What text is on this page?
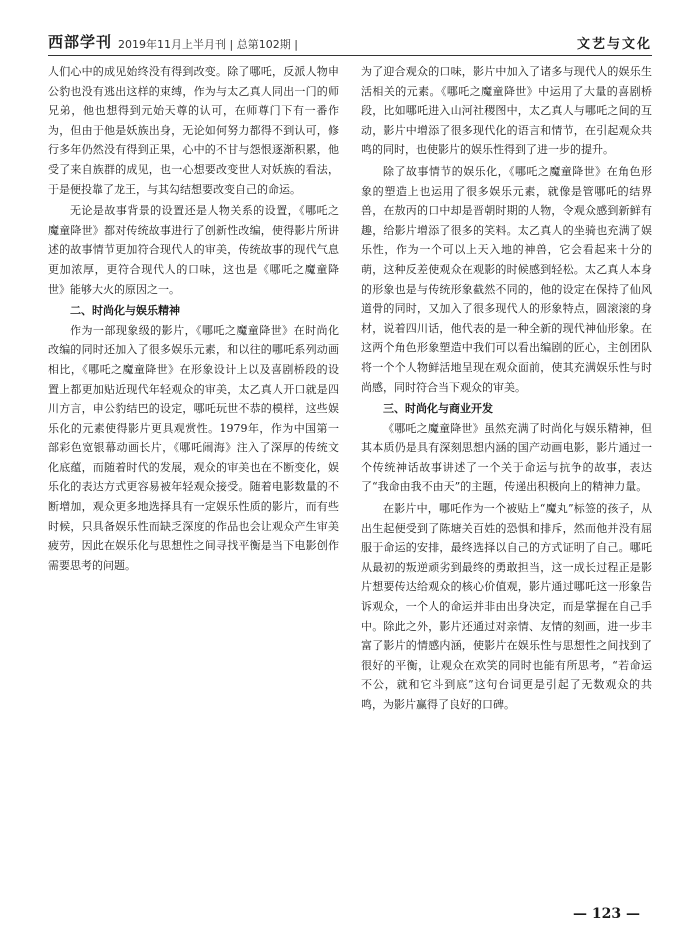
西部学刊 2019年11月上半月刊 | 总第102期 |	文艺与文化

人们心中的成见始终没有得到改变。除了哪吒，反派人物申公豹也没有逃出这样的束缚，作为与太乙真人同出一门的师兄弟，他也想得到元始天尊的认可，在师尊门下有一番作为，但由于他是妖族出身，无论如何努力都得不到认可，修行多年仍然没有得到正果，心中的不甘与怨恨逐渐积累，他受了来自族群的成见，也一心想要改变世人对妖族的看法，于是便投靠了龙王，与其勾结想要改变自己的命运。

无论是故事背景的设置还是人物关系的设置，《哪吒之魔童降世》都对传统故事进行了创新性改编，使得影片所讲述的故事情节更加符合现代人的审美，传统故事的现代气息更加浓厚，更符合现代人的口味，这也是《哪吒之魔童降世》能够大火的原因之一。

二、时尚化与娱乐精神

作为一部现象级的影片，《哪吒之魔童降世》在时尚化改编的同时还加入了很多娱乐元素，和以往的哪吒系列动画相比，《哪吒之魔童降世》在形象设计上以及喜剧桥段的设置上都更加贴近现代年轻观众的审美，太乙真人开口就是四川方言，申公豹结巴的设定，哪吒玩世不恭的模样，这些娱乐化的元素使得影片更具观赏性。1979年，作为中国第一部彩色宽银幕动画长片，《哪吒闹海》注入了深厚的传统文化底蕴，而随着时代的发展，观众的审美也在不断变化，娱乐化的表达方式更容易被年轻观众接受。随着电影数量的不断增加，观众更多地选择具有一定娱乐性质的影片，而有些时候，只具备娱乐性而缺乏深度的作品也会让观众产生审美疲劳，因此在娱乐化与思想性之间寻找平衡是当下电影创作需要思考的问题。

为了迎合观众的口味，影片中加入了诸多与现代人的娱乐生活相关的元素。《哪吒之魔童降世》中运用了大量的喜剧桥段，比如哪吒进入山河社稷图中，太乙真人与哪吒之间的互动，影片中增添了很多现代化的语言和情节，在引起观众共鸣的同时，也使影片的娱乐性得到了进一步的提升。

除了故事情节的娱乐化，《哪吒之魔童降世》在角色形象的塑造上也运用了很多娱乐元素，就像是管哪吒的结界兽，在敖丙的口中却是晋朝时期的人物，令观众感到新鲜有趣，给影片增添了很多的笑料。太乙真人的坐骑也充满了娱乐性，作为一个可以上天入地的神兽，它会看起来十分的萌，这种反差使观众在观影的时候感到轻松。太乙真人本身的形象也是与传统形象截然不同的，他的设定在保持了仙风道骨的同时，又加入了很多现代人的形象特点，圆滚滚的身材，说着四川话，他代表的是一种全新的现代神仙形象。在这两个角色形象塑造中我们可以看出编剧的匠心，主创团队将一个个人物鲜活地呈现在观众面前，使其充满娱乐性与时尚感，同时符合当下观众的审美。

三、时尚化与商业开发

《哪吒之魔童降世》虽然充满了时尚化与娱乐精神，但其本质仍是具有深刻思想内涵的国产动画电影，影片通过一个传统神话故事讲述了一个关于命运与抗争的故事，表达了“我命由我不由天”的主题，传递出积极向上的精神力量。

在影片中，哪吒作为一个被贴上“魔丸”标签的孩子，从出生起便受到了陈塘关百姓的恐惧和排斥，然而他并没有屈服于命运的安排，最终选择以自己的方式证明了自己。哪吒从最初的叛逆顽劣到最终的勇敢担当，这一成长过程正是影片想要传达给观众的核心价值观，影片通过哪吒这一形象告诉观众，一个人的命运并非由出身决定，而是掌握在自己手中。除此之外，影片还通过对亲情、友情的刻画，进一步丰富了影片的情感内涵，使影片在娱乐性与思想性之间找到了很好的平衡，让观众在欢笑的同时也能有所思考，“若命运不公，就和它斗到底”这句台词更是引起了无数观众的共鸣，为影片赢得了良好的口碑。

— 123 —
